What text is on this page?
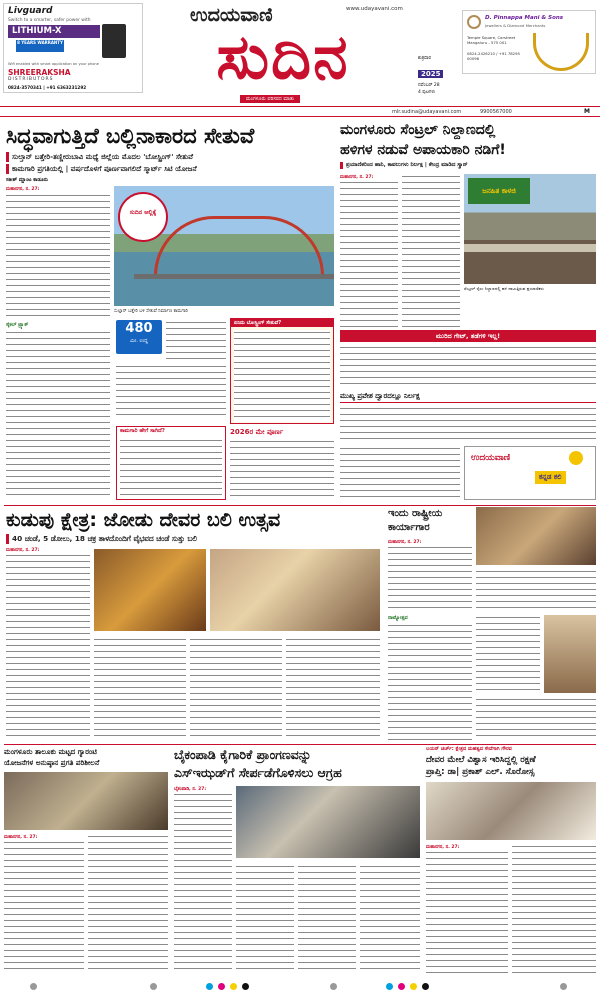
Livguard
Switch to a smarter, safer power with
LITHIUM-X
8 YEARS WARRANTY
Wifi enabled with smart application on your phone
SHREERAKSHA
DISTRIBUTORS
0824-3570341 | +91 6363231292
ಉದಯವಾಣಿ	www.udayavani.com
ಸುದಿನ
ಮಂಗಳೂರು ಪರಿಸರದ ಮಾತು
ಶುಕ್ರವಾರ
2025
ನವೆಂಬರ್ 28
4 ಪುಟಗಳು
D. Pinnappa Mani & Sons
Jewellers & Diamond Merchants
Temple Square, Carstreet Mangaluru - 575 001
0824-2426210 / +91 78295 00096
mlr.sudina@udayavani.com	9900567000	M
ಸಿದ್ಧವಾಗುತ್ತಿದೆ ಬಲ್ಲಿನಾಕಾರದ ಸೇತುವೆ
ಸುಲ್ತಾನ್ ಬತ್ತೇರಿ-ತಣ್ಣೀರುಬಾವಿ ಮಧ್ಯೆ ಜಿಲ್ಲೆಯ ಮೊದಲ 'ಬೋಸ್ಟ್ರಿಂಗ್' ಸೇತುವೆ
ಕಾಮಗಾರಿ ಪ್ರಗತಿಯಲ್ಲಿ | ವರ್ಷದೊಳಗೆ ಪೂರ್ಣವಾಗಲಿದೆ ಸ್ಮಾರ್ಟ್ ಸಿಟಿ ಯೋಜನೆ
ಸತೀಶ್ ಮ್ಹಾಂಟ ಕಾಡೂರು
ಮಹಾನಗರ, ನ. 27:
ಸೈಕಲ್ ಟ್ರ್ಯಾಕ್
ಸುದಿನ ಅಲ್ಲಿಕ್ಕೆ
ಸುಲ್ತಾನ್ ಬತ್ತೇರಿ ಬಳಿ ಸೇತುವೆ ನಿರ್ಮಾಣ ಕಾಮಗಾರಿ
480
ಮೀ. ಉದ್ದ
ಏನಿದು ಬೋಸ್ಟ್ರಿಂಗ್ ಸೇತುವೆ?
ಕಾಮಗಾರಿ ಹೇಗೆ ಸಾಗಿದೆ?	2026ರ ಮೇ ಪೂರ್ಣ
ಮಂಗಳೂರು ಸೆಂಟ್ರಲ್ ನಿಲ್ದಾಣದಲ್ಲಿ
ಹಳಿಗಳ ನಡುವೆ ಅಪಾಯಕಾರಿ ನಡಿಗೆ!
ಪ್ರಯಾಣಿಕರಿಂದ ಹಾನಿ, ಕಾವಲುಗಳು ನಿರ್ಲಕ್ಷ | ಕೇಂದ್ರ ಮಾಡಿದ ಸ್ಕ್ರಾನ್
ಮಹಾನಗರ, ನ. 27:
ಜನಹಿತ ಕಾಳಜಿ
ಸೆಂಟ್ರಲ್ ರೈಲು ನಿಲ್ದಾಣದಲ್ಲಿ ಹಳಿ ದಾಟುತ್ತಿರುವ ಪ್ರಯಾಣಿಕರು
ಮುರಿದ ಗೇಟ್, ತಡೆಗಳಿ ಇಲ್ಲ!
ಮುಖ್ಯ ಪ್ರವೇಶ ದ್ವಾರದಲ್ಲೂ ನಿರ್ಲಕ್ಷ
ಉದಯವಾಣಿ
ಕನ್ನಡ ಕಲಿ
ಕುಡುಪು ಕ್ಷೇತ್ರ: ಜೋಡು ದೇವರ ಬಲಿ ಉತ್ಸವ
40 ಚಂಡೆ, 5 ಡೋಲು, 18 ಚಕ್ರ ತಾಳದೊಂದಿಗೆ ವೈಭವದ ಚಂಡೆ ಸುತ್ತು ಬಲಿ
ಮಹಾನಗರ, ನ. 27:
ಇಂದು ರಾಷ್ಟ್ರೀಯ
ಕಾರ್ಯಾಗಾರ
ಮಹಾನಗರ, ನ. 27:
ನಾಟ್ಯೋತ್ಸವ
ಮಂಗಳೂರು ತಾಲೂಕು ಮಟ್ಟದ ಗ್ಯಾರಂಟಿ
ಯೋಜನೆಗಳ ಅನುಷ್ಠಾನ ಪ್ರಗತಿ ಪರಿಶೀಲನೆ
ಮಹಾನಗರ, ನ. 27:
ಬೈಕಂಪಾಡಿ ಕೈಗಾರಿಕೆ ಪ್ರಾಂಗಣವನ್ನು
ಎಸ್ಇಝಡ್‌ಗೆ ಸೇರ್ಪಡೆಗೊಳಿಸಲು ಆಗ್ರಹ
ಬೈಕಂಪಾಡಿ, ನ. 27:
ಲಯನ್ ಚರ್ಚ್: ಕ್ಷೇತ್ರದ ಮಹತ್ವದ ಸೇವೆಗಾಗಿ ಗೌರವ
ದೇವರ ಮೇಲೆ ವಿಶ್ವಾಸ ಇರಿಸಿದ್ದಲ್ಲಿ ರಕ್ಷಣೆ
ಪ್ರಾಪ್ತಿ: ಡಾ| ಪ್ರಕಾಶ್ ಎಲ್. ಸೊರೋಸ್ಸ
ಮಹಾನಗರ, ನ. 27:
